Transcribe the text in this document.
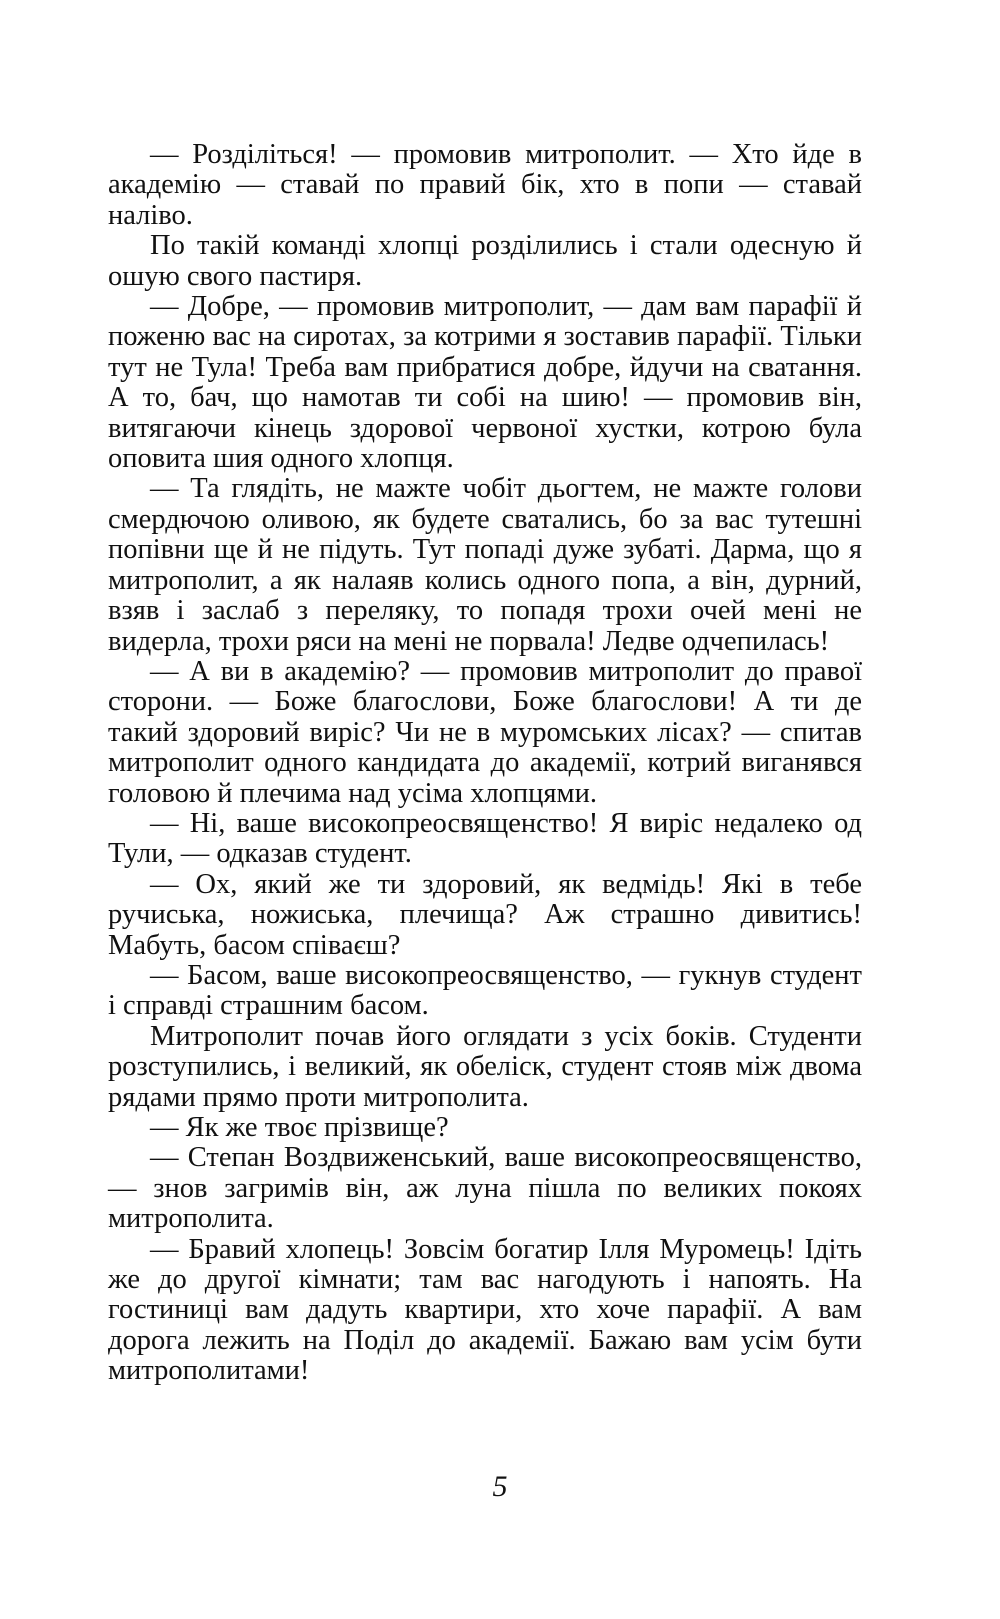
— Розділіться! — промовив митрополит. — Хто йде в академію — ставай по правий бік, хто в попи — ставай наліво.

По такій команді хлопці розділились і стали одесную й ошую свого пастиря.

— Добре, — промовив митрополит, — дам вам парафії й поженю вас на сиротах, за котрими я зоставив парафії. Тільки тут не Тула! Треба вам прибратися добре, йдучи на сватання. А то, бач, що намотав ти собі на шию! — промовив він, витягаючи кінець здорової червоної хустки, котрою була оповита шия одного хлопця.

— Та глядіть, не мажте чобіт дьогтем, не мажте голови смердючою оливою, як будете сватались, бо за вас тутешні попівни ще й не підуть. Тут попаді дуже зубаті. Дарма, що я митрополит, а як налаяв колись одного попа, а він, дурний, взяв і заслаб з переляку, то попадя трохи очей мені не видерла, трохи ряси на мені не порвала! Ледве одчепилась!

— А ви в академію? — промовив митрополит до правої сторони. — Боже благослови, Боже благослови! А ти де такий здоровий виріс? Чи не в муромських лісах? — спитав митрополит одного кандидата до академії, котрий виганявся головою й плечима над усіма хлопцями.

— Ні, ваше високопреосвященство! Я виріс недалеко од Тули, — одказав студент.

— Ох, який же ти здоровий, як ведмідь! Які в тебе ручиська, ножиська, плечища? Аж страшно дивитись! Мабуть, басом співаєш?

— Басом, ваше високопреосвященство, — гукнув студент і справді страшним басом.

Митрополит почав його оглядати з усіх боків. Студенти розступились, і великий, як обеліск, студент стояв між двома рядами прямо проти митрополита.

— Як же твоє прізвище?

— Степан Воздвиженський, ваше високопреосвященство, — знов загримів він, аж луна пішла по великих покоях митрополита.

— Бравий хлопець! Зовсім богатир Ілля Муромець! Ідіть же до другої кімнати; там вас нагодують і напоять. На гостиниці вам дадуть квартири, хто хоче парафії. А вам дорога лежить на Поділ до академії. Бажаю вам усім бути митрополитами!

5
